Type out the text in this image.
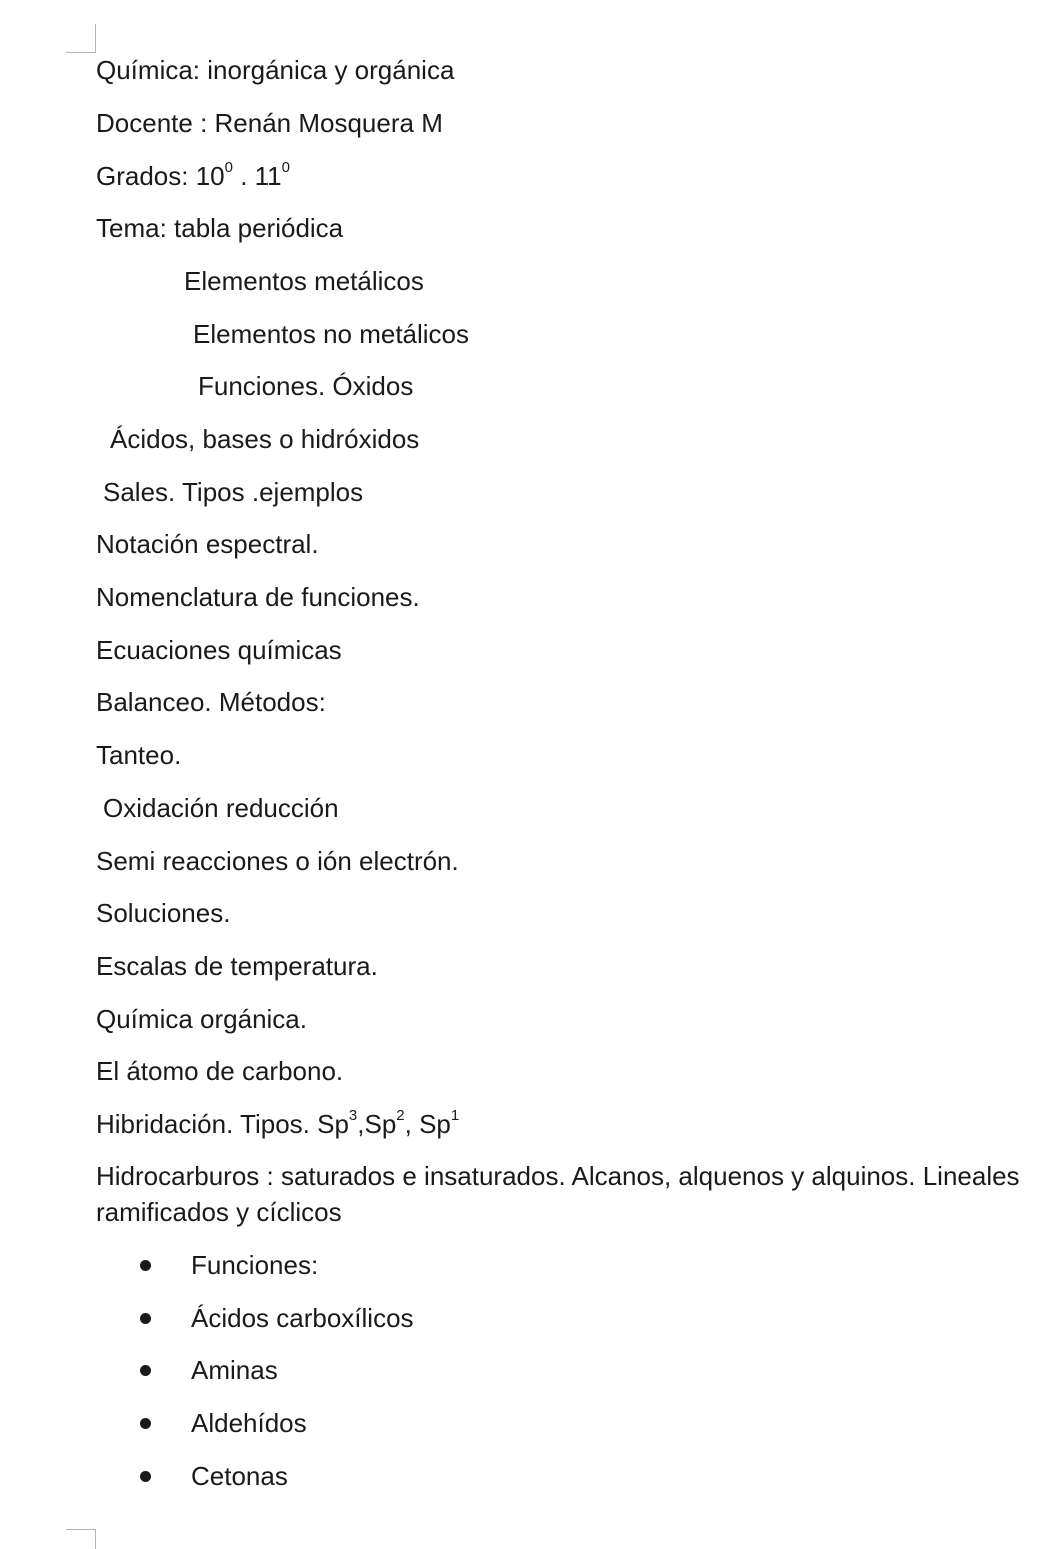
Química: inorgánica y orgánica
Docente : Renán Mosquera M
Grados: $10^0$ . $11^0$
Tema: tabla periódica
Elementos metálicos
Elementos no metálicos
Funciones. Óxidos
Ácidos, bases o hidróxidos
Sales. Tipos .ejemplos
Notación espectral.
Nomenclatura de funciones.
Ecuaciones químicas
Balanceo. Métodos:
Tanteo.
Oxidación reducción
Semi reacciones o ión electrón.
Soluciones.
Escalas de temperatura.
Química orgánica.
El átomo de carbono.
Hibridación. Tipos. Sp$^3$,Sp$^2$, Sp$^1$
Hidrocarburos : saturados e insaturados. Alcanos, alquenos y alquinos. Lineales ramificados y cíclicos
Funciones:
Ácidos carboxílicos
Aminas
Aldehídos
Cetonas
